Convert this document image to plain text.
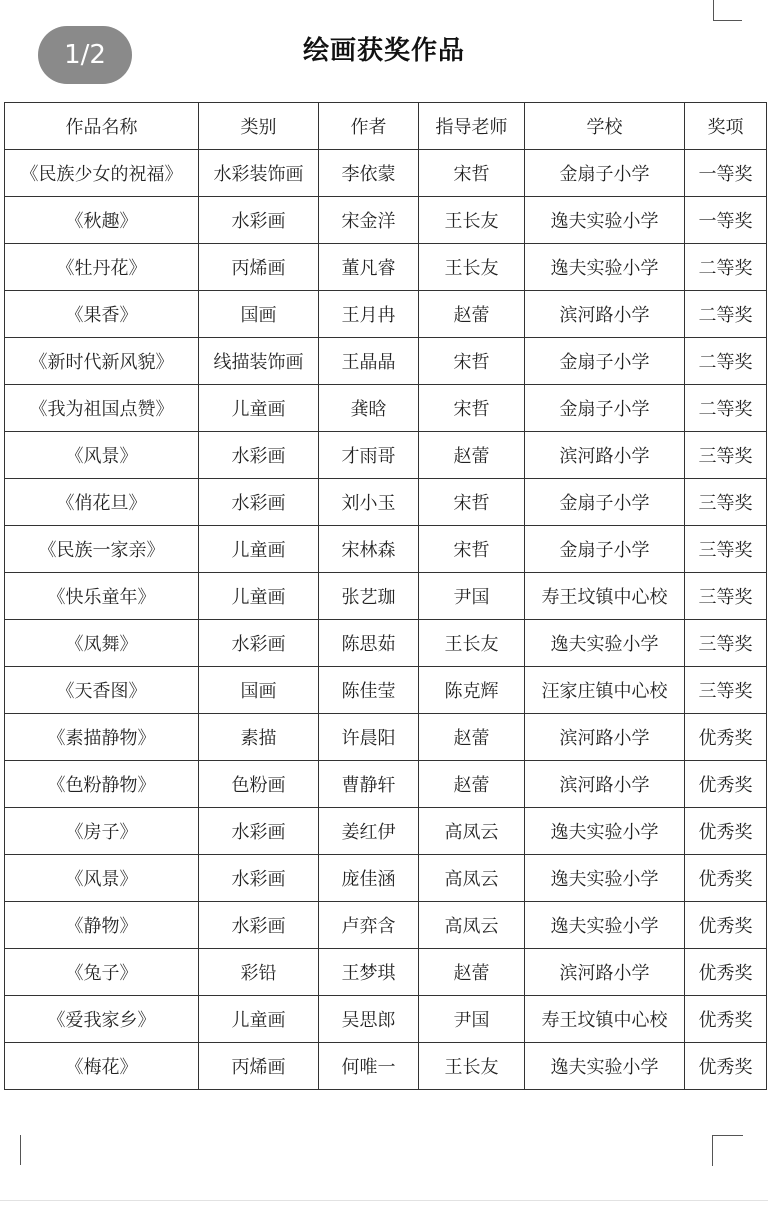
1/2	绘画获奖作品
作品名称	类别	作者	指导老师	学校	奖项
《民族少女的祝福》	水彩装饰画	李依蒙	宋哲	金扇子小学	一等奖
《秋趣》	水彩画	宋金洋	王长友	逸夫实验小学	一等奖
《牡丹花》	丙烯画	董凡睿	王长友	逸夫实验小学	二等奖
《果香》	国画	王月冉	赵蕾	滨河路小学	二等奖
《新时代新风貌》	线描装饰画	王晶晶	宋哲	金扇子小学	二等奖
《我为祖国点赞》	儿童画	龚晗	宋哲	金扇子小学	二等奖
《风景》	水彩画	才雨哥	赵蕾	滨河路小学	三等奖
《俏花旦》	水彩画	刘小玉	宋哲	金扇子小学	三等奖
《民族一家亲》	儿童画	宋林森	宋哲	金扇子小学	三等奖
《快乐童年》	儿童画	张艺珈	尹国	寿王坟镇中心校	三等奖
《凤舞》	水彩画	陈思茹	王长友	逸夫实验小学	三等奖
《天香图》	国画	陈佳莹	陈克辉	汪家庄镇中心校	三等奖
《素描静物》	素描	许晨阳	赵蕾	滨河路小学	优秀奖
《色粉静物》	色粉画	曹静轩	赵蕾	滨河路小学	优秀奖
《房子》	水彩画	姜红伊	高凤云	逸夫实验小学	优秀奖
《风景》	水彩画	庞佳涵	高凤云	逸夫实验小学	优秀奖
《静物》	水彩画	卢弈含	高凤云	逸夫实验小学	优秀奖
《兔子》	彩铅	王梦琪	赵蕾	滨河路小学	优秀奖
《爱我家乡》	儿童画	吴思郎	尹国	寿王坟镇中心校	优秀奖
《梅花》	丙烯画	何唯一	王长友	逸夫实验小学	优秀奖
